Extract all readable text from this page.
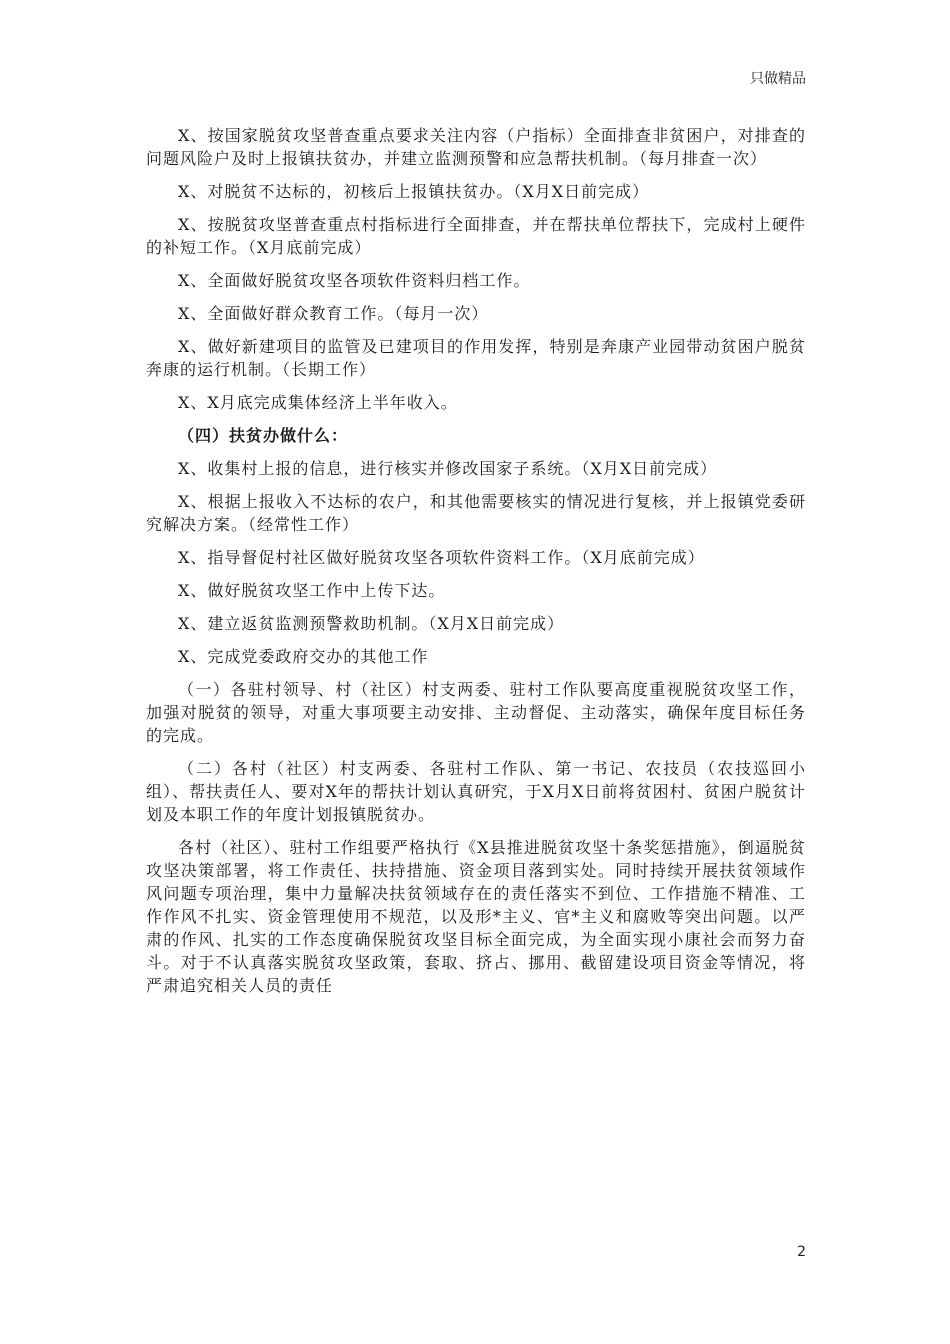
只做精品

X、按国家脱贫攻坚普查重点要求关注内容（户指标）全面排查非贫困户，对排查的问题风险户及时上报镇扶贫办，并建立监测预警和应急帮扶机制。（每月排查一次）

X、对脱贫不达标的，初核后上报镇扶贫办。（X月X日前完成）

X、按脱贫攻坚普查重点村指标进行全面排查，并在帮扶单位帮扶下，完成村上硬件的补短工作。（X月底前完成）

X、全面做好脱贫攻坚各项软件资料归档工作。

X、全面做好群众教育工作。（每月一次）

X、做好新建项目的监管及已建项目的作用发挥，特别是奔康产业园带动贫困户脱贫奔康的运行机制。（长期工作）

X、X月底完成集体经济上半年收入。

（四）扶贫办做什么：

X、收集村上报的信息，进行核实并修改国家子系统。（X月X日前完成）

X、根据上报收入不达标的农户，和其他需要核实的情况进行复核，并上报镇党委研究解决方案。（经常性工作）

X、指导督促村社区做好脱贫攻坚各项软件资料工作。（X月底前完成）

X、做好脱贫攻坚工作中上传下达。

X、建立返贫监测预警救助机制。（X月X日前完成）

X、完成党委政府交办的其他工作

（一）各驻村领导、村（社区）村支两委、驻村工作队要高度重视脱贫攻坚工作，加强对脱贫的领导，对重大事项要主动安排、主动督促、主动落实，确保年度目标任务的完成。

（二）各村（社区）村支两委、各驻村工作队、第一书记、农技员（农技巡回小组）、帮扶责任人、要对X年的帮扶计划认真研究，于X月X日前将贫困村、贫困户脱贫计划及本职工作的年度计划报镇脱贫办。

各村（社区）、驻村工作组要严格执行《X县推进脱贫攻坚十条奖惩措施》，倒逼脱贫攻坚决策部署，将工作责任、扶持措施、资金项目落到实处。同时持续开展扶贫领域作风问题专项治理，集中力量解决扶贫领域存在的责任落实不到位、工作措施不精准、工作作风不扎实、资金管理使用不规范，以及形*主义、官*主义和腐败等突出问题。以严肃的作风、扎实的工作态度确保脱贫攻坚目标全面完成，为全面实现小康社会而努力奋斗。对于不认真落实脱贫攻坚政策，套取、挤占、挪用、截留建设项目资金等情况，将严肃追究相关人员的责任

2
